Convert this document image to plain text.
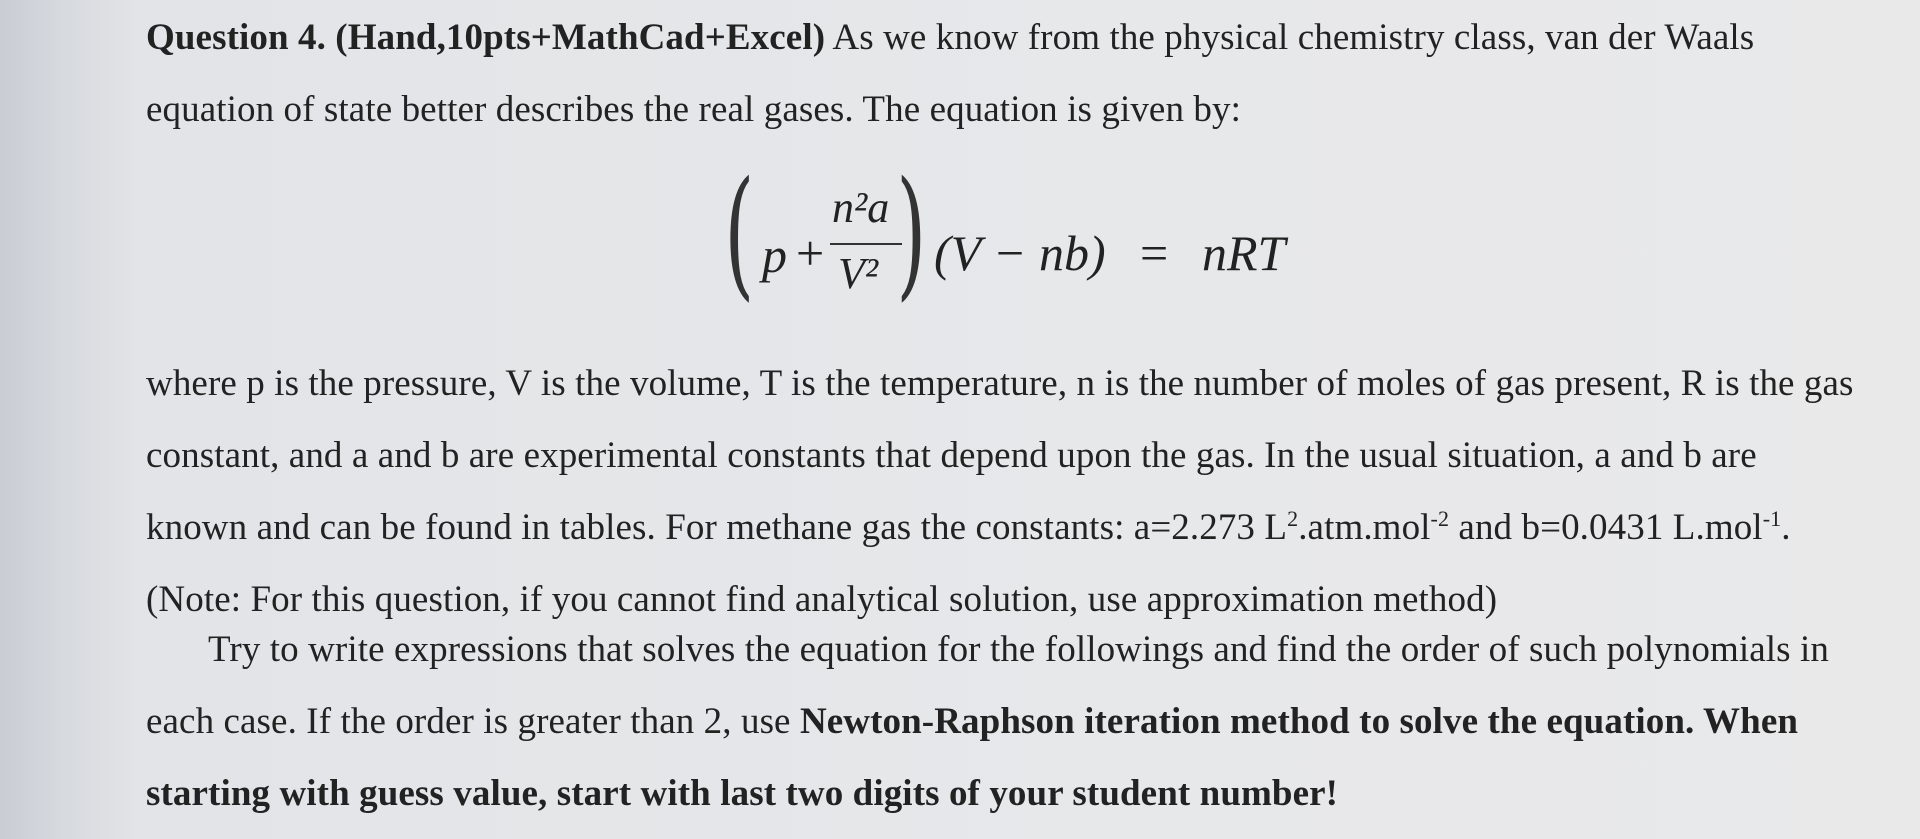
Question 4. (Hand,10pts+MathCad+Excel) As we know from the physical chemistry class, van der Waals equation of state better describes the real gases. The equation is given by:

( p +
n²a
V² ) (V − nb) = nRT

where p is the pressure, V is the volume, T is the temperature, n is the number of moles of gas present, R is the gas constant, and a and b are experimental constants that depend upon the gas. In the usual situation, a and b are known and can be found in tables. For methane gas the constants: a=2.273 $L^2.atm.mol^{-2}$ and b=0.0431 L.mol$^{-1}$. (Note: For this question, if you cannot find analytical solution, use approximation method)

Try to write expressions that solves the equation for the followings and find the order of such polynomials in each case. If the order is greater than 2, use Newton-Raphson iteration method to solve the equation. When starting with guess value, start with last two digits of your student number!
